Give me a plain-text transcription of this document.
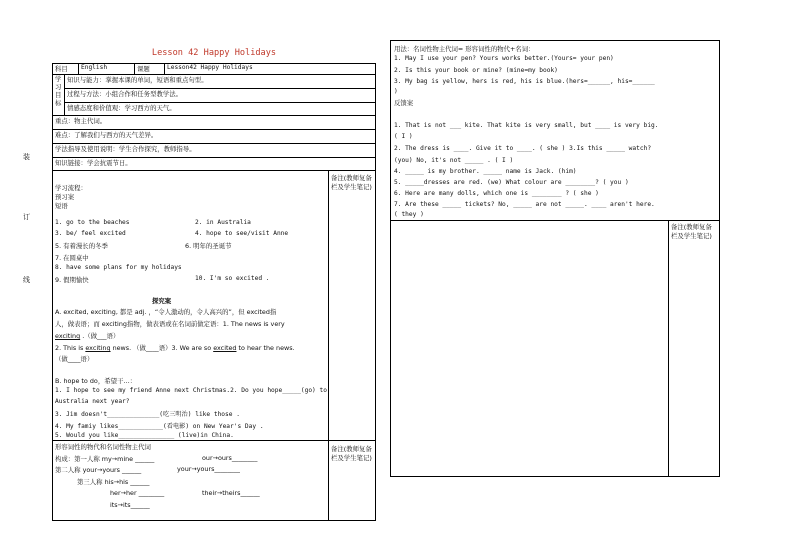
装
订
线
Lesson 42 Happy Holidays
科目		English	课题	Lesson42 Happy Holidays	

学
习
目
标	知识与能力：掌握本课的单词，短语和重点句型。				
	过程与方法：小组合作和任务型教学法。				
	情感态度和价值观：学习西方的天气。				
重点：物主代词。					
难点：了解我们与西方的天气差异。					
学法指导及使用说明：学生合作探究，教师指导。					
知识链接：学会抗震节日。					
					备注(教师复备栏及学生笔记)
					备注(教师复备栏及学生笔记)
学习流程：
预习案
短语
1. go to the beaches	2. in Australia
3. be/ feel excited	4. hope to see/visit Anne
5. 有着漫长的冬季	6. 明年的圣诞节
7. 在圆桌中
8. have some plans for my holidays
9. 假期愉快	10. I'm so excited .
探究案
A. excited, exciting, 都是 adj. ，“令人激动的，令人高兴的”，但 excited指
人，做表语；而 exciting指物，做表语或在名词前做定语：1. The news is very
exciting .（做___语）
2. This is exciting news. （做____语）3. We are so excited to hear the news.
（做____语）
B. hope to do，希望干…：
1. I hope to see my friend Anne next Christmas.2. Do you hope_____(go) to
Australia next year?
3. Jim doesn't______________(吃三明治) like those .
4. My famiy likes____________(看电影) on New Year's Day .
5. Would you like_______________ (live)in China.
形容词性的物代和名词性物主代词
构成：第一人称 my→mine ______	our→ours________
第二人称 your→yours ______	your→yours________
第三人称 his→his ______
her→her ________	their→theirs______
its→its______

	备注(教师复备栏及学生笔记)
用法：名词性物主代词= 形容词性的物代+名词：
1. May I use your pen? Yours works better.(Yours= your pen)
2. Is this your book or mine? (mine=my book)
3. My bag is yellow, hers is red, his is blue.(hers=______, his=______
)
反馈案
1. That is not ___ kite. That kite is very small, but ____ is very big.
( I )
2. The dress is ____. Give it to ____. ( she ) 3.Is this _____ watch?
(you) No, it's not _____ . ( I )
4. _____ is my brother. _____ name is Jack. (him)
5. _____dresses are red. (we) What colour are ________? ( you )
6. Here are many dolls, which one is ________ ? ( she )
7. Are these _____ tickets? No, _____ are not _____. ____ aren't here.
( they )
